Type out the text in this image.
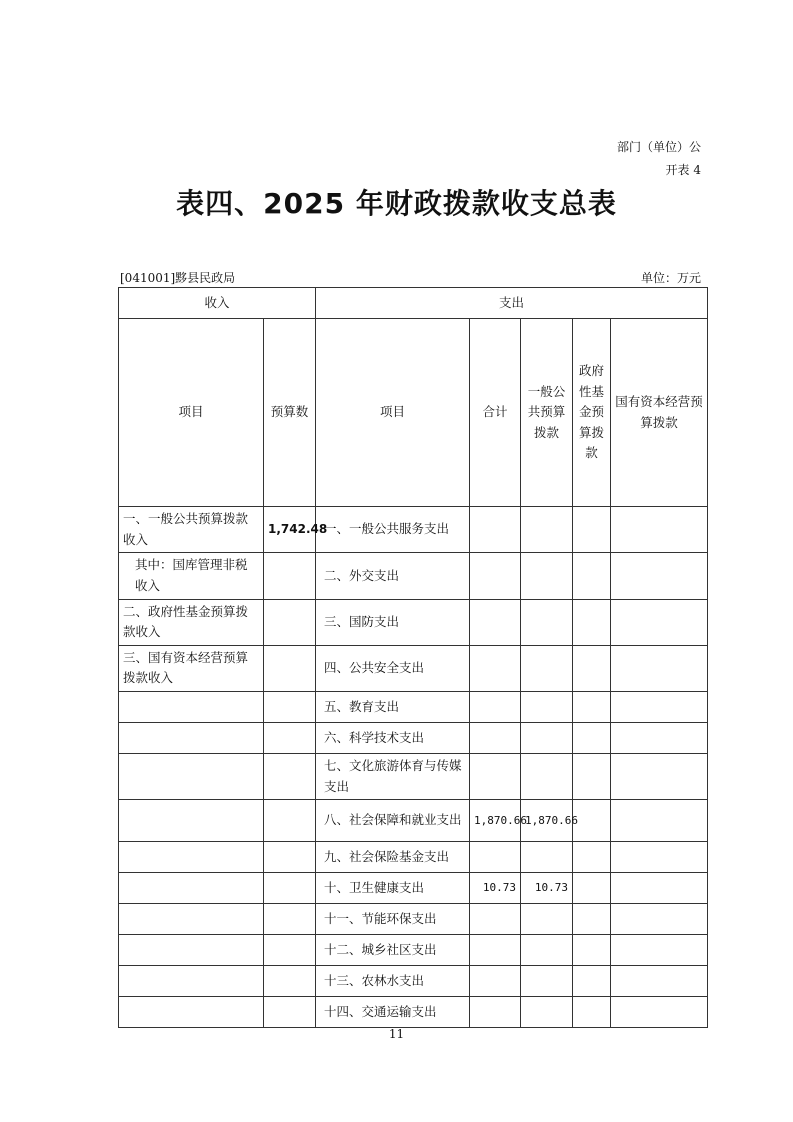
部门（单位）公
开表 4
表四、2025 年财政拨款收支总表
[041001]黟县民政局	单位：万元
收入		支出				
项目	预算数	项目	合计	一般公共预算拨款	政府性基金预算拨款	国有资本经营预算拨款
一、一般公共预算拨款收入	1,742.48	一、一般公共服务支出				
其中：国库管理非税收入		二、外交支出				
二、政府性基金预算拨款收入		三、国防支出				
三、国有资本经营预算拨款收入		四、公共安全支出				
		五、教育支出				
		六、科学技术支出				
		七、文化旅游体育与传媒支出				
		八、社会保障和就业支出	1,870.66	1,870.66		
		九、社会保险基金支出				
		十、卫生健康支出	10.73	10.73		
		十一、节能环保支出				
		十二、城乡社区支出				
		十三、农林水支出				
		十四、交通运输支出				
11
